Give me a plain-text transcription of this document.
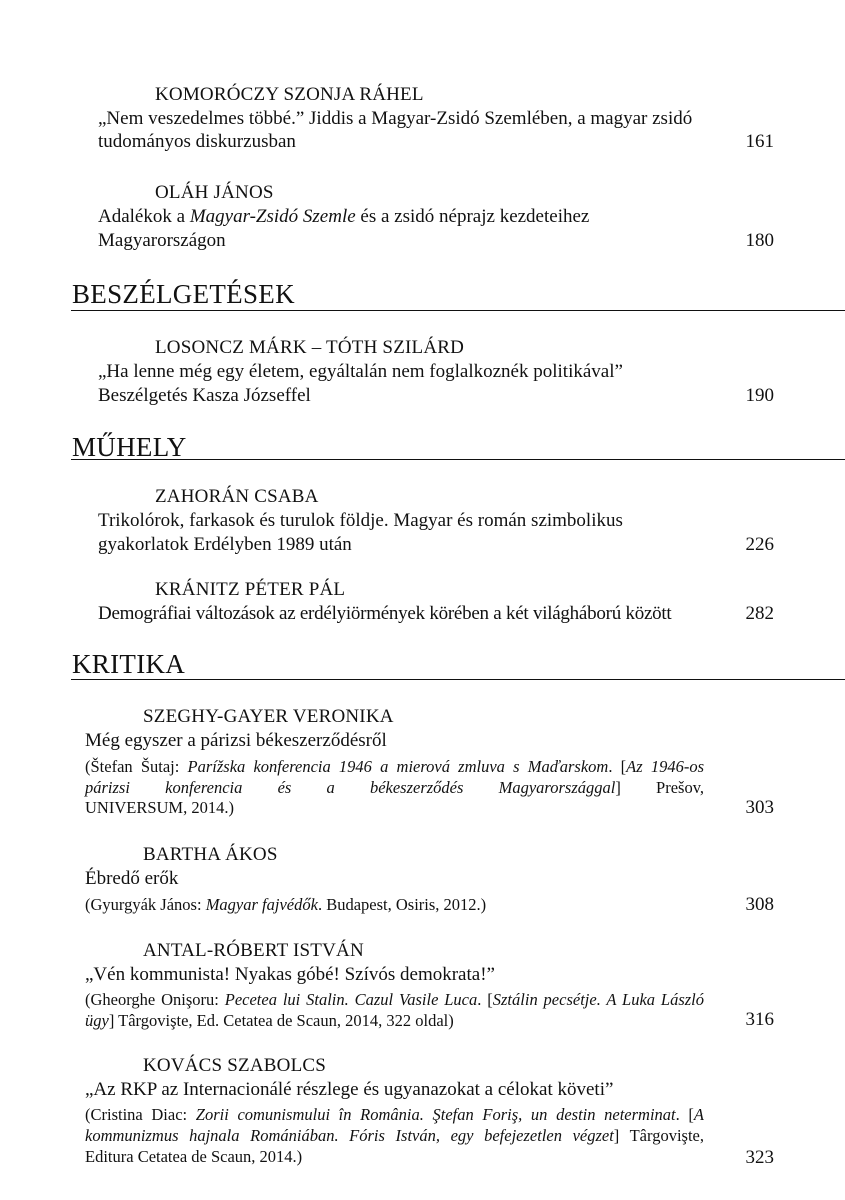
KOMORÓCZY SZONJA RÁHEL
„Nem veszedelmes többé.” Jiddis a Magyar-Zsidó Szemlében, a magyar zsidó
tudományos diskurzusban	161
OLÁH JÁNOS
Adalékok a Magyar-Zsidó Szemle és a zsidó néprajz kezdeteihez
Magyarországon	180
BESZÉLGETÉSEK
LOSONCZ MÁRK – TÓTH SZILÁRD
„Ha lenne még egy életem, egyáltalán nem foglalkoznék politikával”
Beszélgetés Kasza Józseffel	190
MŰHELY
ZAHORÁN CSABA
Trikolórok, farkasok és turulok földje. Magyar és román szimbolikus
gyakorlatok Erdélyben 1989 után	226
KRÁNITZ PÉTER PÁL
Demográfiai változások az erdélyiörmények körében a két világháború között	282
KRITIKA
SZEGHY-GAYER VERONIKA
Még egyszer a párizsi békeszerződésről
(Štefan Šutaj: Parížska konferencia 1946 a mierová zmluva s Maďarskom. [Az 1946-os párizsi konferencia és a békeszerződés Magyarországgal] Prešov,
UNIVERSUM, 2014.)	303
BARTHA ÁKOS
Ébredő erők
(Gyurgyák János: Magyar fajvédők. Budapest, Osiris, 2012.)	308
ANTAL-RÓBERT ISTVÁN
„Vén kommunista! Nyakas góbé! Szívós demokrata!”
(Gheorghe Onişoru: Pecetea lui Stalin. Cazul Vasile Luca. [Sztálin pecsétje. A Luka László ügy] Târgovişte, Ed. Cetatea de Scaun, 2014, 322 oldal)	316
KOVÁCS SZABOLCS
„Az RKP az Internacionálé részlege és ugyanazokat a célokat követi”
(Cristina Diac: Zorii comunismului în România. Ştefan Foriş, un destin neterminat. [A kommunizmus hajnala Romániában. Fóris István, egy befejezetlen végzet] Târgovişte, Editura Cetatea de Scaun, 2014.)	323
